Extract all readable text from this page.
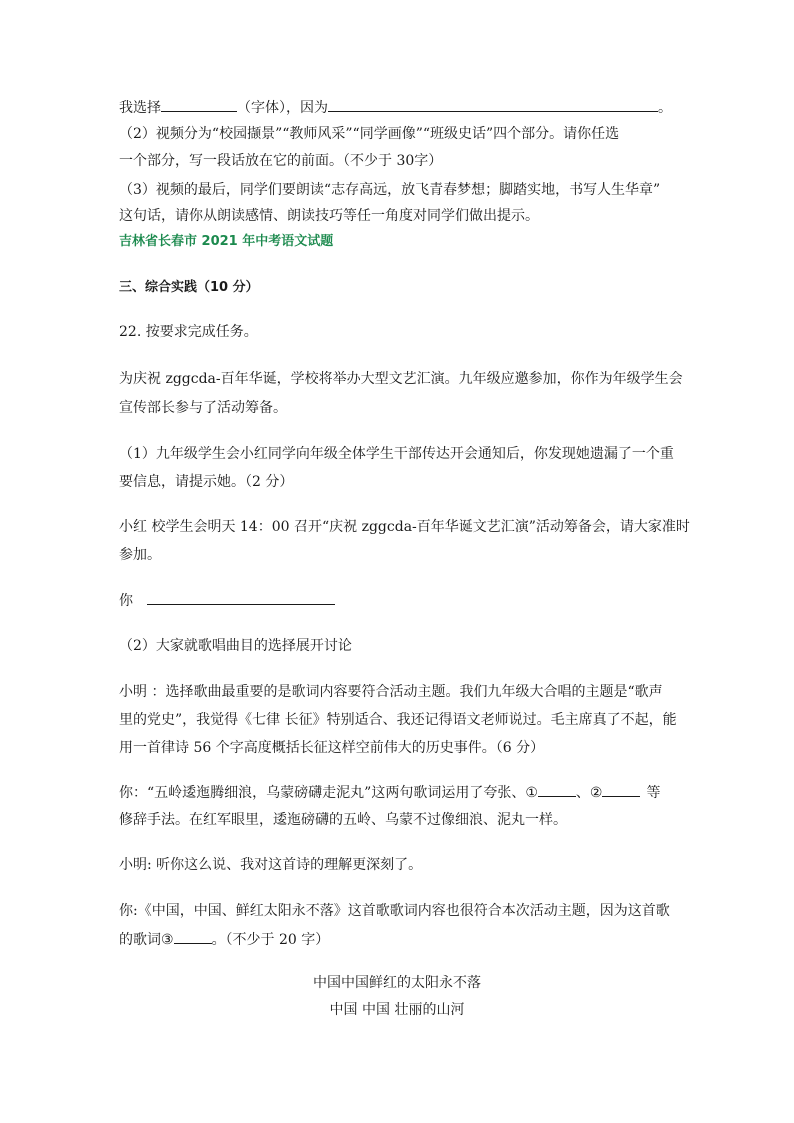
我选择	（字体），因为	。
（2）视频分为“校园撷景”“教师风采”“同学画像”“班级史话”四个部分。请你任选
一个部分，写一段话放在它的前面。（不少于 30字）
（3）视频的最后，同学们要朗读“志存高远，放飞青春梦想；脚踏实地，书写人生华章”
这句话，请你从朗读感情、朗读技巧等任一角度对同学们做出提示。
吉林省长春市 2021 年中考语文试题
三、综合实践（10 分）
22. 按要求完成任务。
为庆祝 zggcda-百年华诞，学校将举办大型文艺汇演。九年级应邀参加，你作为年级学生会
宣传部长参与了活动筹备。
（1）九年级学生会小红同学向年级全体学生干部传达开会通知后，你发现她遗漏了一个重
要信息，请提示她。（2 分）
小红 校学生会明天 14：00 召开“庆祝 zggcda-百年华诞文艺汇演”活动筹备会，请大家准时
参加。
你
（2）大家就歌唱曲目的选择展开讨论
小明 ：选择歌曲最重要的是歌词内容要符合活动主题。我们九年级大合唱的主题是“歌声
里的党史”，我觉得《七律 长征》特别适合、我还记得语文老师说过。毛主席真了不起，能
用一首律诗 56 个字高度概括长征这样空前伟大的历史事件。（6 分）
你：“五岭逶迤腾细浪，乌蒙磅礴走泥丸”这两句歌词运用了夸张、①	、②	等
修辞手法。在红军眼里，逶迤磅礴的五岭、乌蒙不过像细浪、泥丸一样。
小明: 听你这么说、我对这首诗的理解更深刻了。
你:《中国，中国、鲜红太阳永不落》这首歌歌词内容也很符合本次活动主题，因为这首歌
的歌词③	。（不少于 20 字）
中国中国鲜红的太阳永不落
中国 中国 壮丽的山河
